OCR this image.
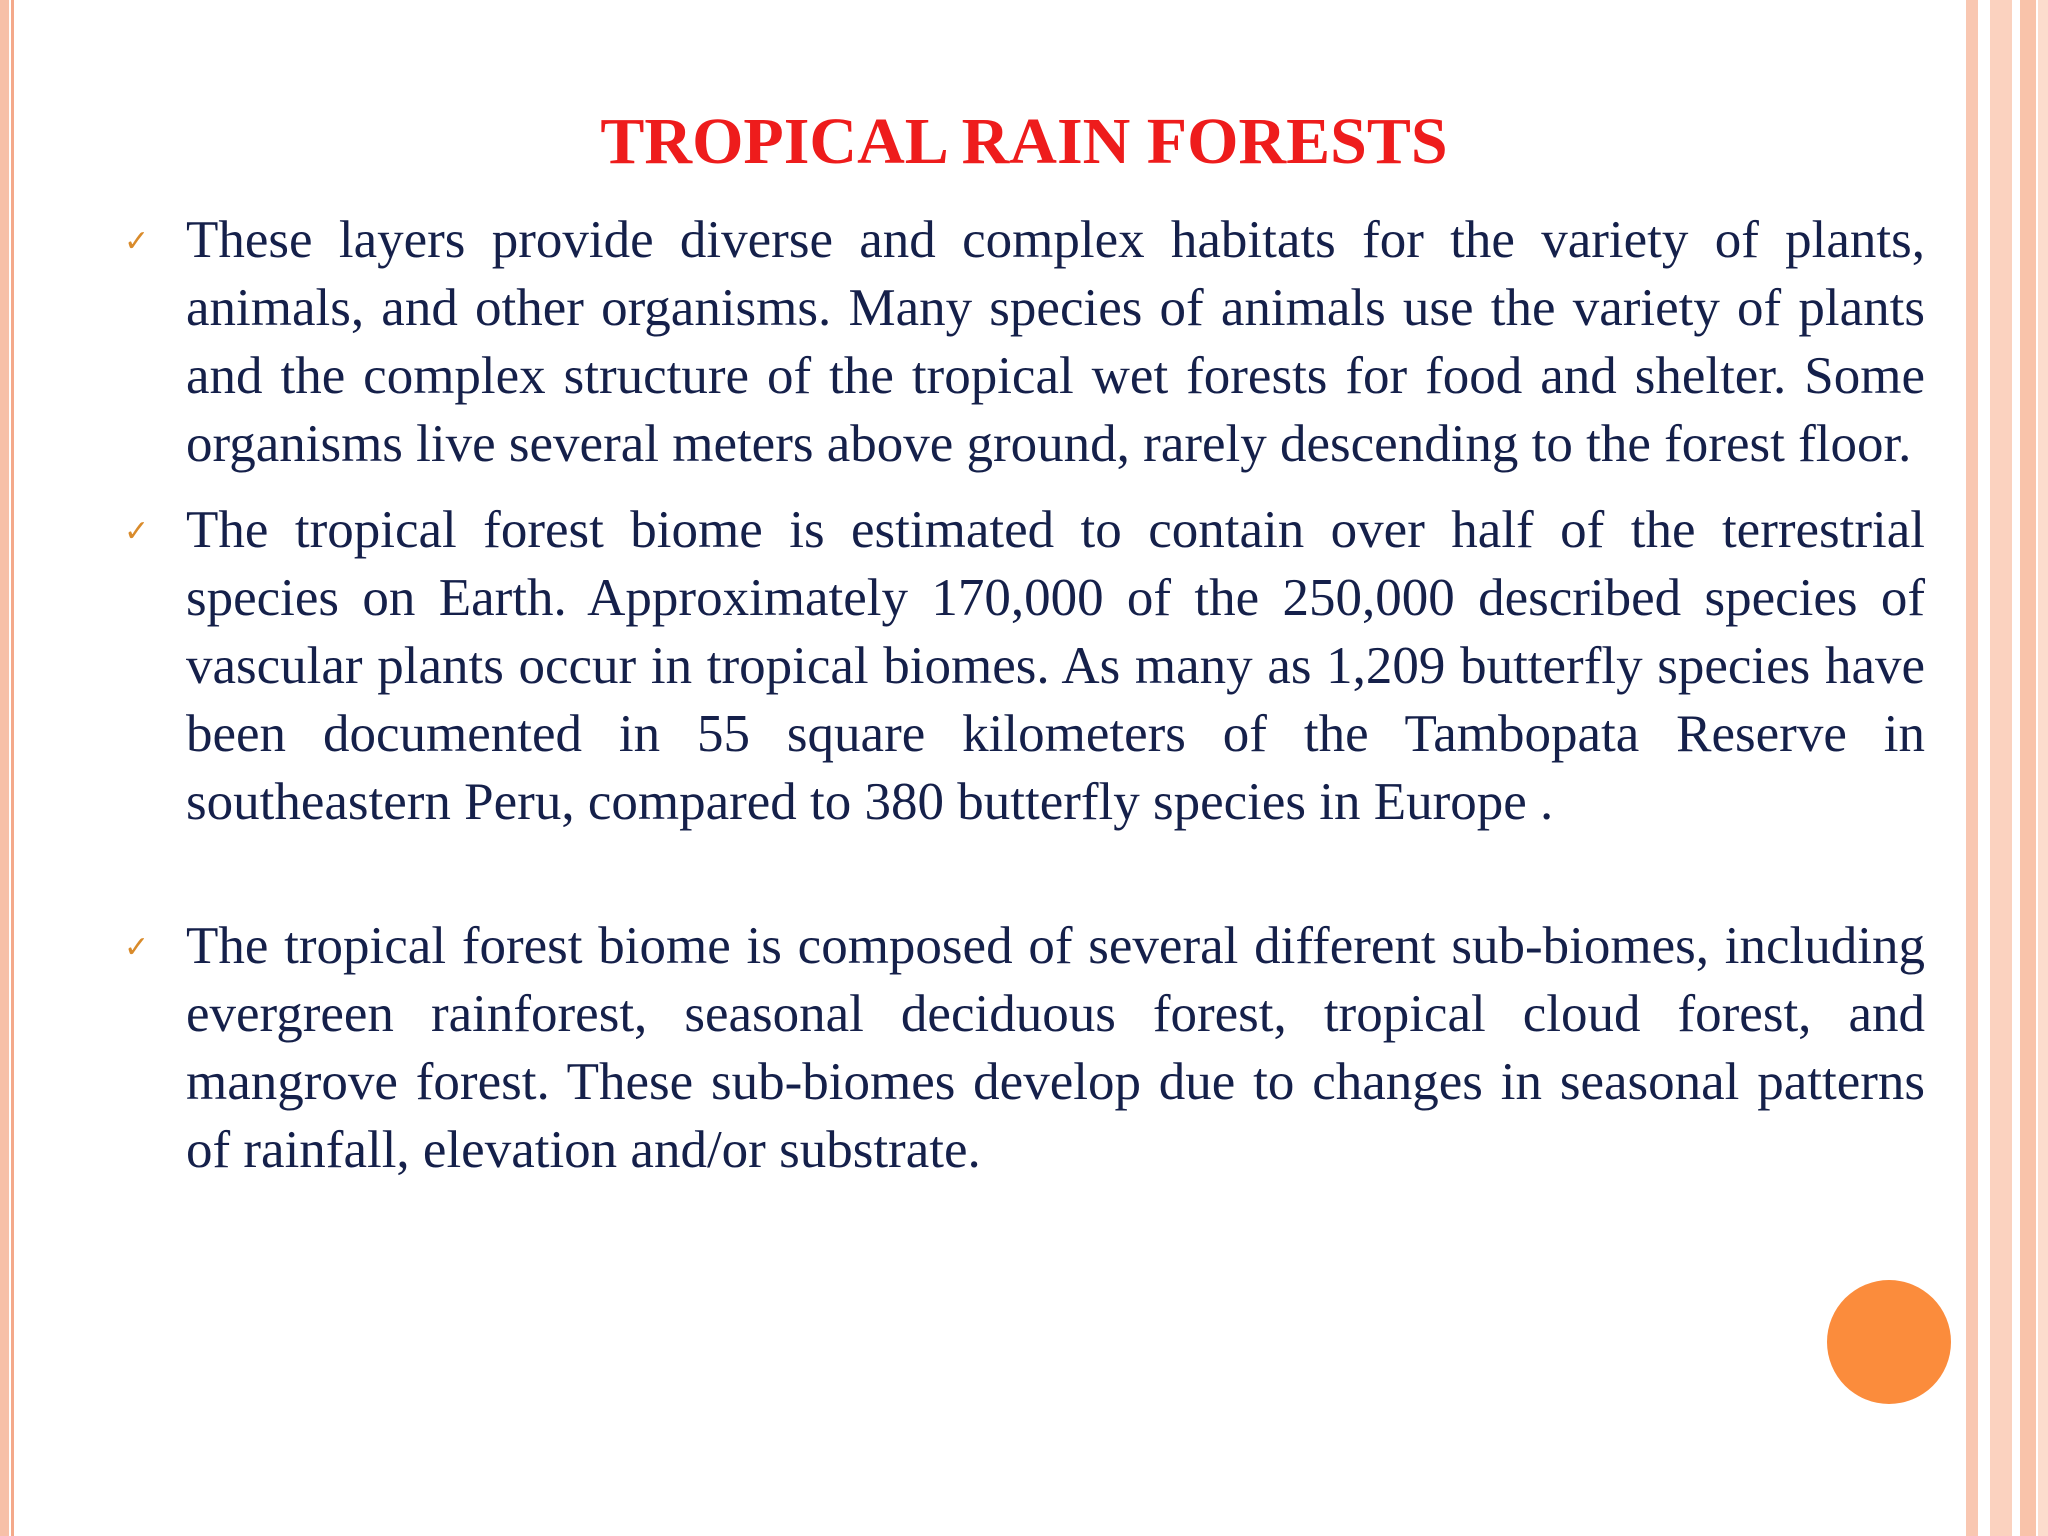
TROPICAL RAIN FORESTS
✓ These layers provide diverse and complex habitats for the variety of plants, animals, and other organisms. Many species of animals use the variety of plants and the complex structure of the tropical wet forests for food and shelter. Some organisms live several meters above ground, rarely descending to the forest floor.
✓ The tropical forest biome is estimated to contain over half of the terrestrial species on Earth. Approximately 170,000 of the 250,000 described species of vascular plants occur in tropical biomes. As many as 1,209 butterfly species have been documented in 55 square kilometers of the Tambopata Reserve in southeastern Peru, compared to 380 butterfly species in Europe .
✓ The tropical forest biome is composed of several different sub-biomes, including evergreen rainforest, seasonal deciduous forest, tropical cloud forest, and mangrove forest. These sub-biomes develop due to changes in seasonal patterns of rainfall, elevation and/or substrate.
